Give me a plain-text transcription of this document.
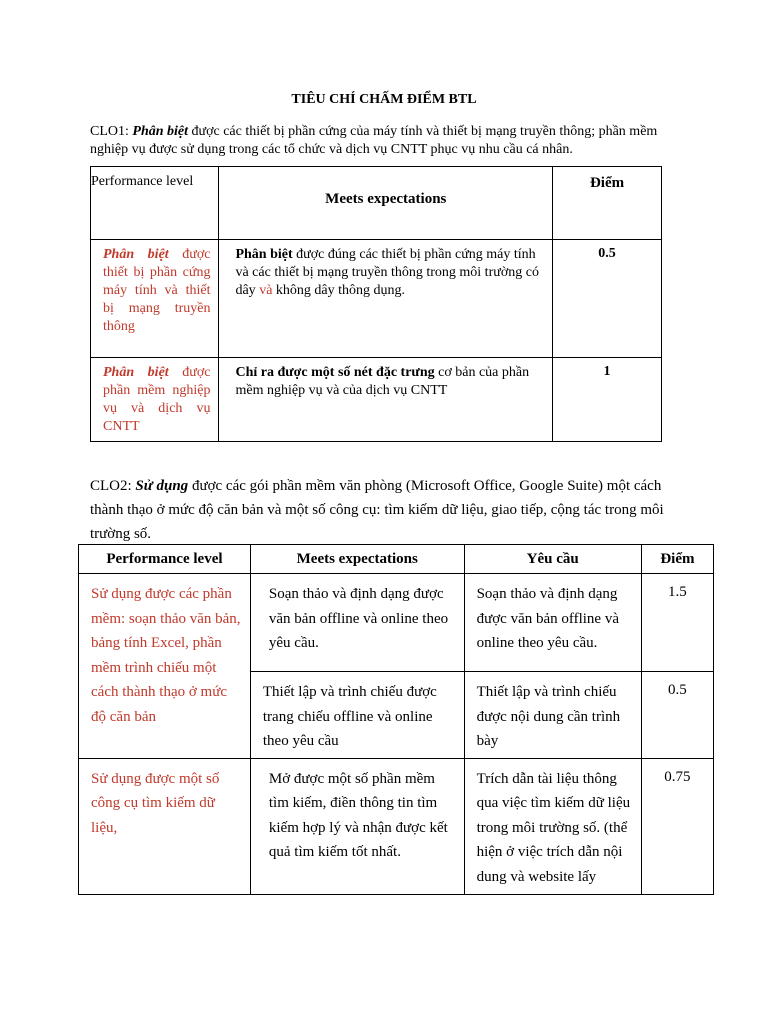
TIÊU CHÍ CHẤM ĐIỂM BTL
CLO1: Phân biệt được các thiết bị phần cứng của máy tính và thiết bị mạng truyền thông; phần mềm nghiệp vụ được sử dụng trong các tổ chức và dịch vụ CNTT phục vụ nhu cầu cá nhân.
Performance level	Meets expectations	Điểm
Phân biệt được thiết bị phần cứng máy tính và thiết bị mạng truyền thông	Phân biệt được đúng các thiết bị phần cứng máy tính và các thiết bị mạng truyền thông trong môi trường có dây và không dây thông dụng.	0.5
Phân biệt được phần mềm nghiệp vụ và dịch vụ CNTT	Chỉ ra được một số nét đặc trưng cơ bản của phần mềm nghiệp vụ và của dịch vụ CNTT	1
CLO2: Sử dụng được các gói phần mềm văn phòng (Microsoft Office, Google Suite) một cách thành thạo ở mức độ căn bản và một số công cụ: tìm kiếm dữ liệu, giao tiếp, cộng tác trong môi trường số.
Performance level	Meets expectations	Yêu cầu	Điểm
Sử dụng được các phần mềm: soạn thảo văn bản, bảng tính Excel, phần mềm trình chiếu một cách thành thạo ở mức độ căn bản	Soạn thảo và định dạng được văn bản offline và online theo yêu cầu.	Soạn thảo và định dạng được văn bản offline và online theo yêu cầu.	1.5
	Thiết lập và trình chiếu được trang chiếu offline và online theo yêu cầu	Thiết lập và trình chiếu được nội dung cần trình bày	0.5
Sử dụng được một số công cụ tìm kiếm dữ liệu,	Mở được một số phần mềm tìm kiếm, điền thông tin tìm kiếm hợp lý và nhận được kết quả tìm kiếm tốt nhất.	Trích dẫn tài liệu thông qua việc tìm kiếm dữ liệu trong môi trường số. (thể hiện ở việc trích dẫn nội dung và website lấy	0.75
